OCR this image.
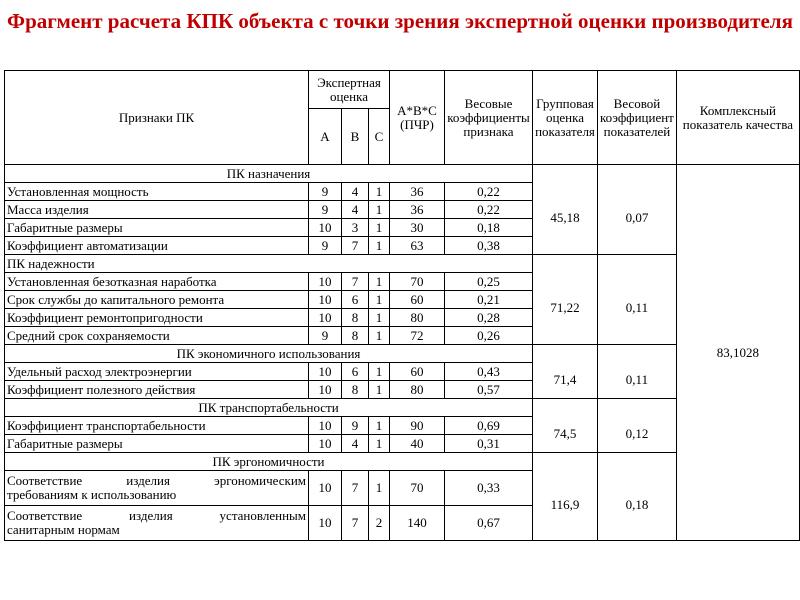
Фрагмент расчета КПК объекта с точки зрения экспертной оценки производителя
Признаки ПК	Экспертная оценка			А*В*С (ПЧР)	Весовые коэффициенты признака	Групповая оценка показателя	Весовой коэффициент показателей	Комплексный показатель качества
	А	В	С					
ПК назначения								83,1028
Установленная мощность	9	4	1	36	0,22	45,18	0,07	
Масса изделия	9	4	1	36	0,22			
Габаритные размеры	10	3	1	30	0,18			
Коэффициент автоматизации	9	7	1	63	0,38			
ПК надежности								
Установленная безотказная наработка	10	7	1	70	0,25	71,22	0,11	
Срок службы до капитального ремонта	10	6	1	60	0,21			
Коэффициент ремонтопригодности	10	8	1	80	0,28			
Средний срок сохраняемости	9	8	1	72	0,26			
ПК экономичного использования								
Удельный расход электроэнергии	10	6	1	60	0,43	71,4	0,11	
Коэффициент полезного действия	10	8	1	80	0,57			
ПК транспортабельности								
Коэффициент транспортабельности	10	9	1	90	0,69	74,5	0,12	
Габаритные размеры	10	4	1	40	0,31			
ПК эргономичности								

Соответствие изделия эргономическим
требованиям к использованию	10	7	1	70	0,33	116,9	0,18	

Соответствие изделия установленным
санитарным нормам	10	7	2	140	0,67			
